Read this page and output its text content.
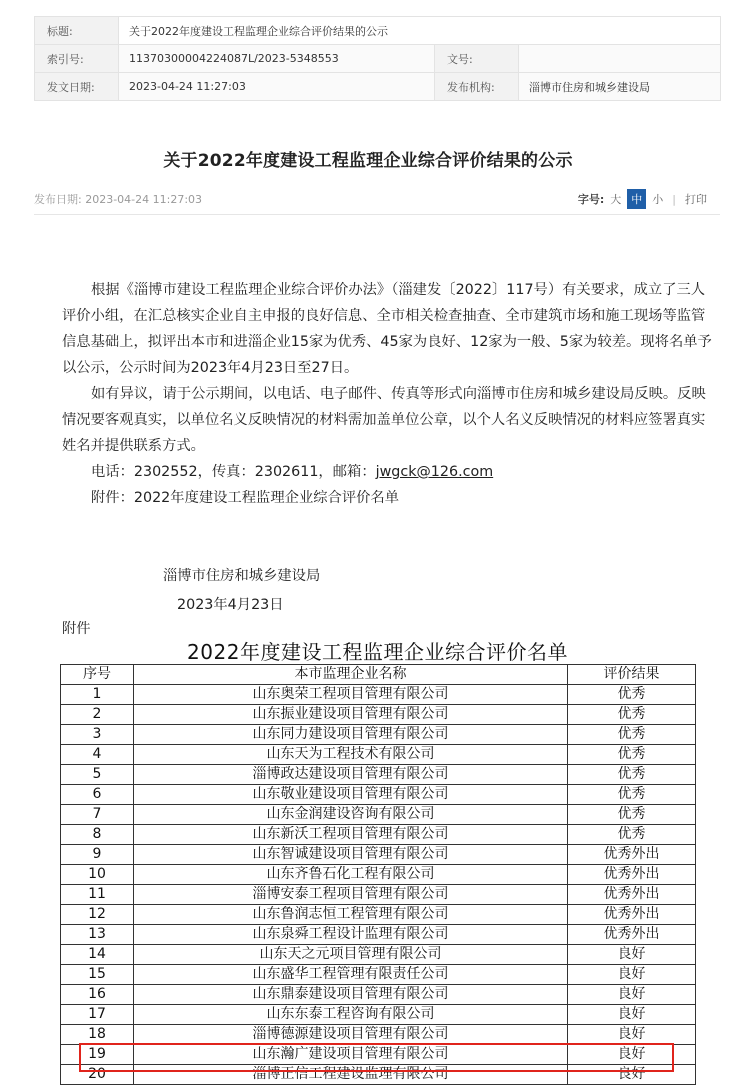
标题:	关于2022年度建设工程监理企业综合评价结果的公示		
索引号:	11370300004224087L/2023-5348553	文号:	
发文日期:	2023-04-24 11:27:03	发布机构:	淄博市住房和城乡建设局
关于2022年度建设工程监理企业综合评价结果的公示
发布日期: 2023-04-24 11:27:03	字号: 大 中 小 | 打印

根据《淄博市建设工程监理企业综合评价办法》（淄建发〔2022〕117号）有关要求，成立了三人评价小组，在汇总核实企业自主申报的良好信息、全市相关检查抽查、全市建筑市场和施工现场等监管信息基础上，拟评出本市和进淄企业15家为优秀、45家为良好、12家为一般、5家为较差。现将名单予以公示，公示时间为2023年4月23日至27日。

如有异议，请于公示期间，以电话、电子邮件、传真等形式向淄博市住房和城乡建设局反映。反映情况要客观真实，以单位名义反映情况的材料需加盖单位公章，以个人名义反映情况的材料应签署真实姓名并提供联系方式。

电话：2302552，传真：2302611，邮箱：jwgck@126.com

附件：2022年度建设工程监理企业综合评价名单

淄博市住房和城乡建设局
2023年4月23日
附件
2022年度建设工程监理企业综合评价名单
序号	本市监理企业名称	评价结果
1	山东奥荣工程项目管理有限公司	优秀
2	山东振业建设项目管理有限公司	优秀
3	山东同力建设项目管理有限公司	优秀
4	山东天为工程技术有限公司	优秀
5	淄博政达建设项目管理有限公司	优秀
6	山东敬业建设项目管理有限公司	优秀
7	山东金润建设咨询有限公司	优秀
8	山东新沃工程项目管理有限公司	优秀
9	山东智诚建设项目管理有限公司	优秀外出
10	山东齐鲁石化工程有限公司	优秀外出
11	淄博安泰工程项目管理有限公司	优秀外出
12	山东鲁润志恒工程管理有限公司	优秀外出
13	山东泉舜工程设计监理有限公司	优秀外出
14	山东天之元项目管理有限公司	良好
15	山东盛华工程管理有限责任公司	良好
16	山东鼎泰建设项目管理有限公司	良好
17	山东东泰工程咨询有限公司	良好
18	淄博德源建设项目管理有限公司	良好
19	山东瀚广建设项目管理有限公司	良好
20	淄博正信工程建设监理有限公司	良好
